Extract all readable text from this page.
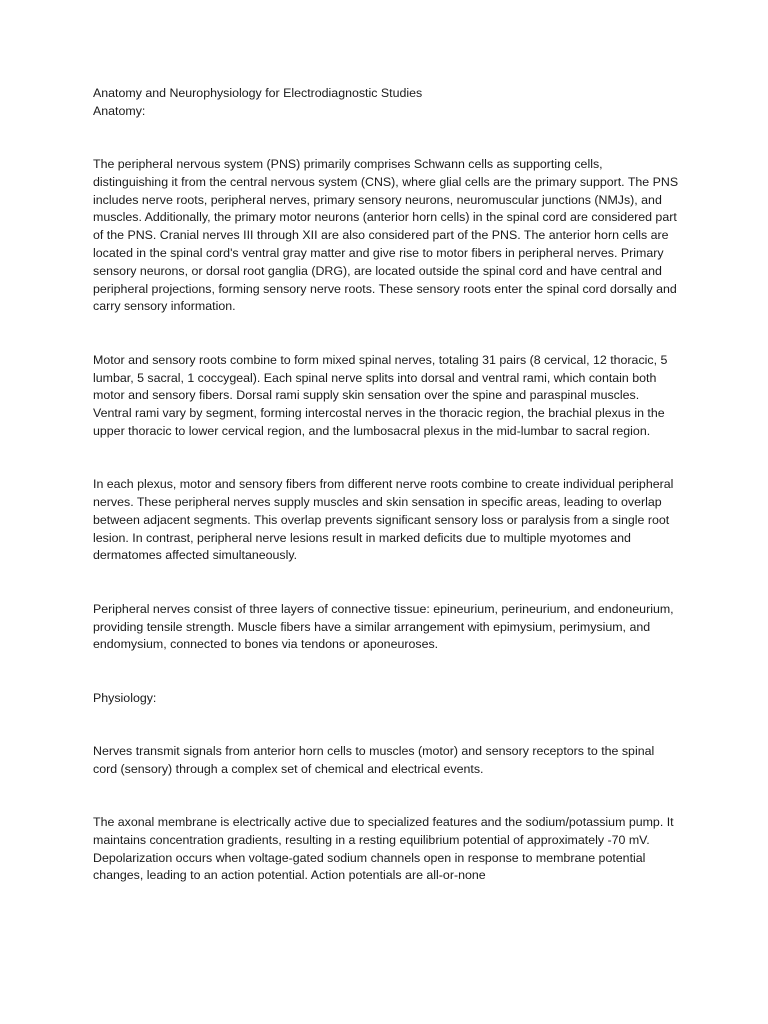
Anatomy and Neurophysiology for Electrodiagnostic Studies

Anatomy:

The peripheral nervous system (PNS) primarily comprises Schwann cells as supporting cells, distinguishing it from the central nervous system (CNS), where glial cells are the primary support. The PNS includes nerve roots, peripheral nerves, primary sensory neurons, neuromuscular junctions (NMJs), and muscles. Additionally, the primary motor neurons (anterior horn cells) in the spinal cord are considered part of the PNS. Cranial nerves III through XII are also considered part of the PNS. The anterior horn cells are located in the spinal cord's ventral gray matter and give rise to motor fibers in peripheral nerves. Primary sensory neurons, or dorsal root ganglia (DRG), are located outside the spinal cord and have central and peripheral projections, forming sensory nerve roots. These sensory roots enter the spinal cord dorsally and carry sensory information.

Motor and sensory roots combine to form mixed spinal nerves, totaling 31 pairs (8 cervical, 12 thoracic, 5 lumbar, 5 sacral, 1 coccygeal). Each spinal nerve splits into dorsal and ventral rami, which contain both motor and sensory fibers. Dorsal rami supply skin sensation over the spine and paraspinal muscles. Ventral rami vary by segment, forming intercostal nerves in the thoracic region, the brachial plexus in the upper thoracic to lower cervical region, and the lumbosacral plexus in the mid-lumbar to sacral region.

In each plexus, motor and sensory fibers from different nerve roots combine to create individual peripheral nerves. These peripheral nerves supply muscles and skin sensation in specific areas, leading to overlap between adjacent segments. This overlap prevents significant sensory loss or paralysis from a single root lesion. In contrast, peripheral nerve lesions result in marked deficits due to multiple myotomes and dermatomes affected simultaneously.

Peripheral nerves consist of three layers of connective tissue: epineurium, perineurium, and endoneurium, providing tensile strength. Muscle fibers have a similar arrangement with epimysium, perimysium, and endomysium, connected to bones via tendons or aponeuroses.

Physiology:

Nerves transmit signals from anterior horn cells to muscles (motor) and sensory receptors to the spinal cord (sensory) through a complex set of chemical and electrical events.

The axonal membrane is electrically active due to specialized features and the sodium/potassium pump. It maintains concentration gradients, resulting in a resting equilibrium potential of approximately -70 mV. Depolarization occurs when voltage-gated sodium channels open in response to membrane potential changes, leading to an action potential. Action potentials are all-or-none
